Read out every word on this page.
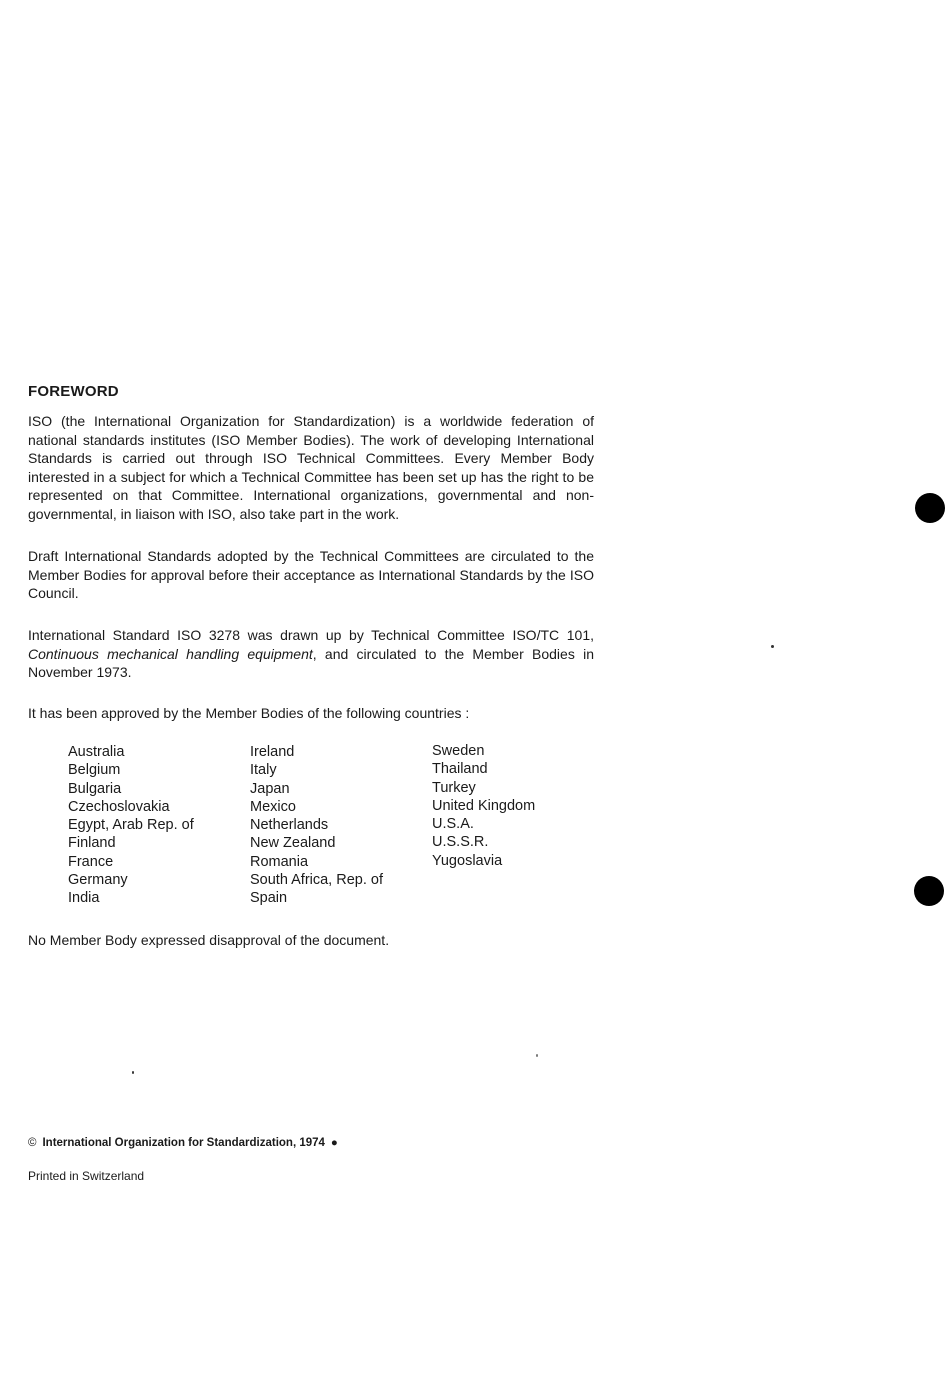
FOREWORD

ISO (the International Organization for Standardization) is a worldwide federation of national standards institutes (ISO Member Bodies). The work of developing International Standards is carried out through ISO Technical Committees. Every Member Body interested in a subject for which a Technical Committee has been set up has the right to be represented on that Committee. International organizations, governmental and non-governmental, in liaison with ISO, also take part in the work.

Draft International Standards adopted by the Technical Committees are circulated to the Member Bodies for approval before their acceptance as International Standards by the ISO Council.

International Standard ISO 3278 was drawn up by Technical Committee ISO/TC 101, Continuous mechanical handling equipment, and circulated to the Member Bodies in November 1973.

It has been approved by the Member Bodies of the following countries :

Australia
Belgium
Bulgaria
Czechoslovakia
Egypt, Arab Rep. of
Finland
France
Germany
India
Ireland
Italy
Japan
Mexico
Netherlands
New Zealand
Romania
South Africa, Rep. of
Spain
Sweden
Thailand
Turkey
United Kingdom
U.S.A.
U.S.S.R.
Yugoslavia

No Member Body expressed disapproval of the document.

© International Organization for Standardization, 1974 ●
Printed in Switzerland
